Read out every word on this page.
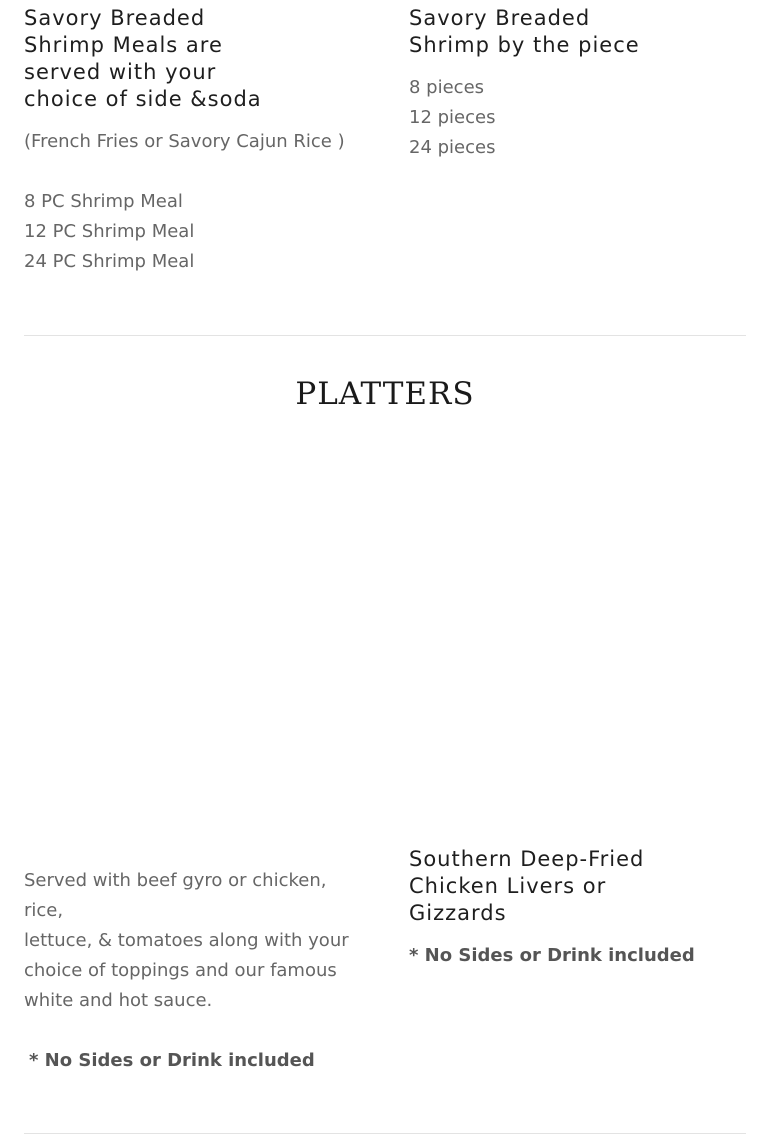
Savory Breaded
Shrimp Meals are
served with your
choice of side &soda

(French Fries or Savory Cajun Rice )

8 PC Shrimp Meal
12 PC Shrimp Meal
24 PC Shrimp Meal

Savory Breaded
Shrimp by the piece

8 pieces
12 pieces
24 pieces

PLATTERS

Served with beef gyro or chicken,
rice,
lettuce, & tomatoes along with your
choice of toppings and our famous
white and hot sauce.

* No Sides or Drink included

Southern Deep-Fried
Chicken Livers or
Gizzards

* No Sides or Drink included
